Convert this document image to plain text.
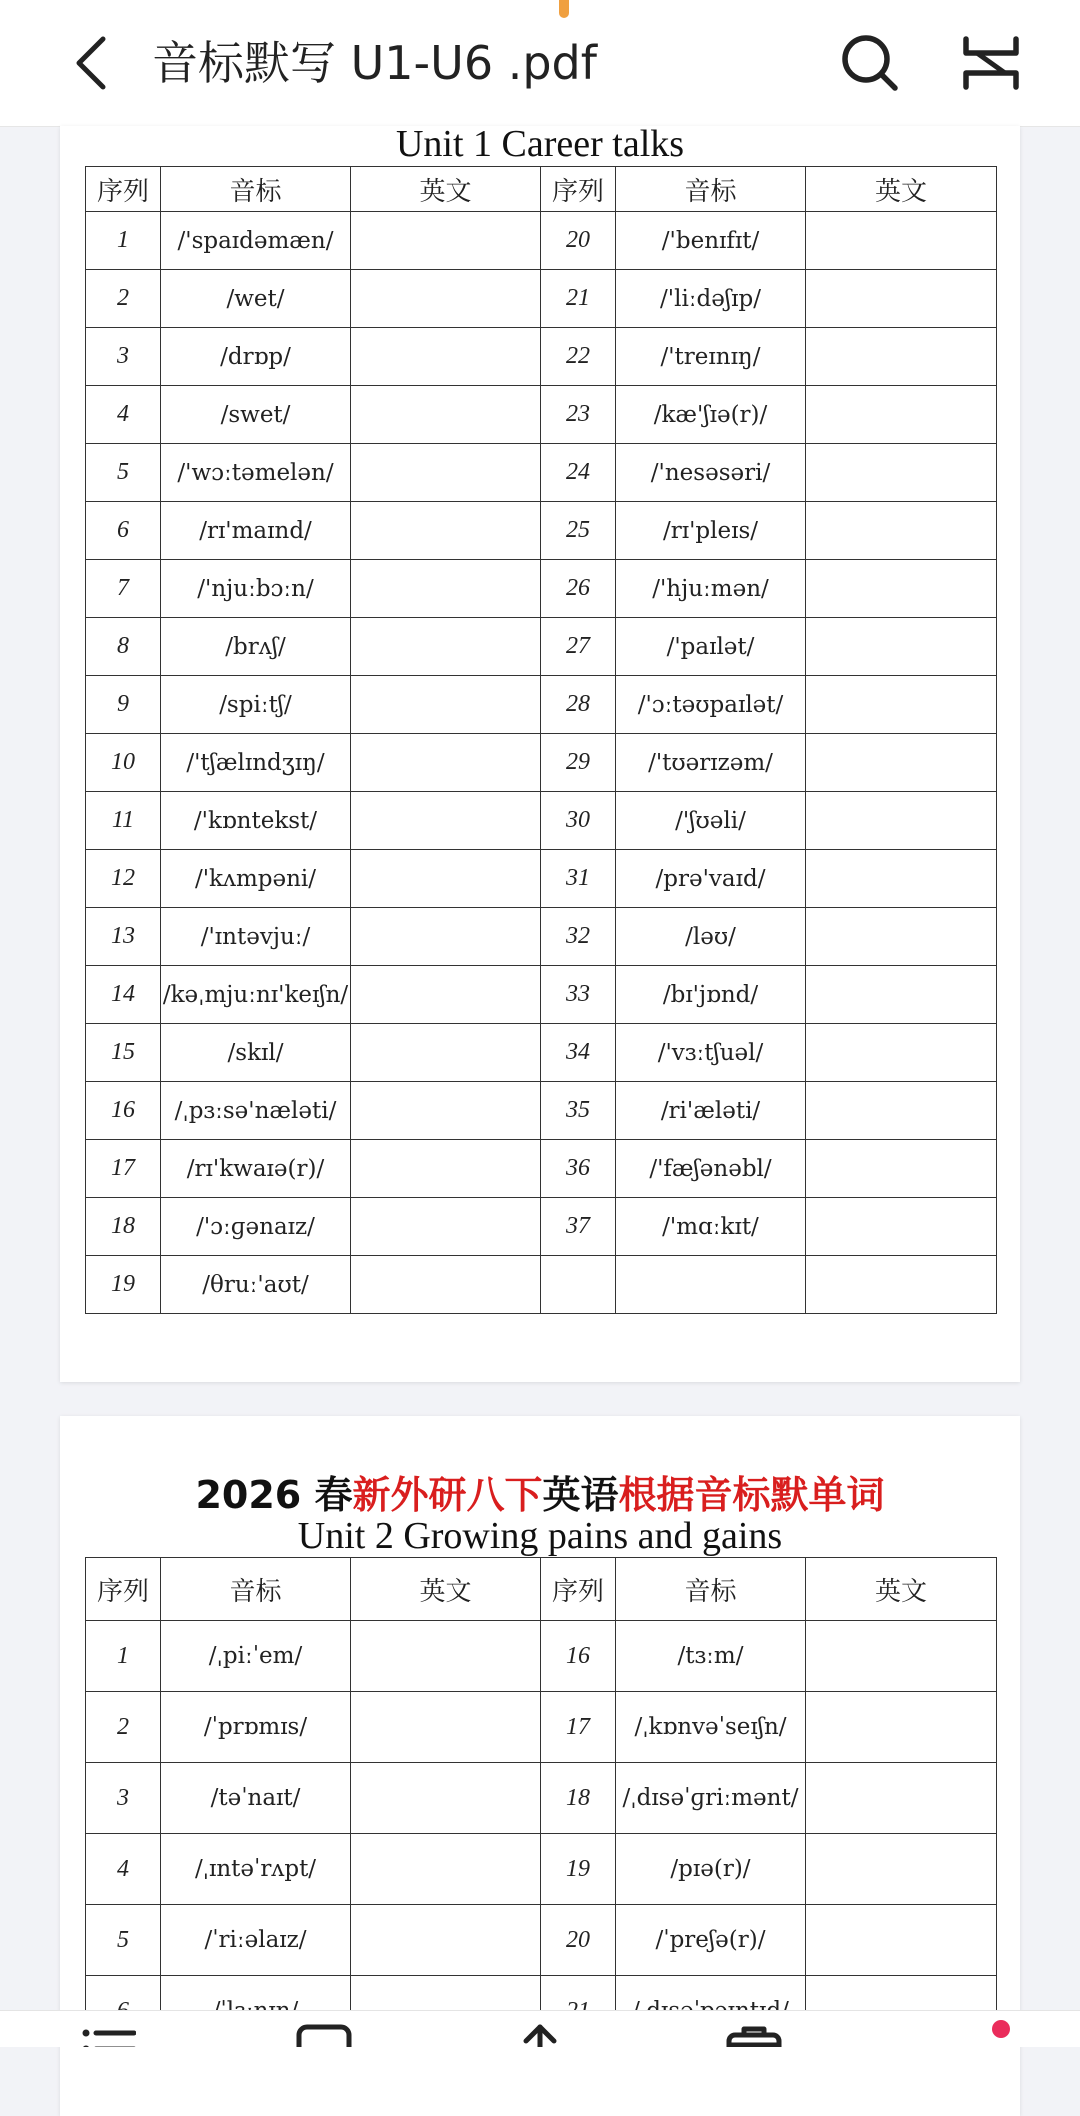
音标默写 U1-U6 .pdf
Unit 1 Career talks
序列	音标	英文	序列	音标	英文
1	/'spaɪdəmæn/		20	/'benɪfɪt/	
2	/wet/		21	/'liːdəʃɪp/	
3	/drɒp/		22	/'treɪnɪŋ/	
4	/swet/		23	/kæ'ʃɪə(r)/	
5	/'wɔːtəmelən/		24	/'nesəsəri/	
6	/rɪ'maɪnd/		25	/rɪ'pleɪs/	
7	/'njuːbɔːn/		26	/'hjuːmən/	
8	/brʌʃ/		27	/'paɪlət/	
9	/spiːtʃ/		28	/'ɔːtəʊpaɪlət/	
10	/'tʃælɪndʒɪŋ/		29	/'tʊərɪzəm/	
11	/'kɒntekst/		30	/'ʃʊəli/	
12	/'kʌmpəni/		31	/prə'vaɪd/	
13	/'ɪntəvjuː/		32	/ləʊ/	
14	/kəˌmjuːnɪ'keɪʃn/		33	/bɪ'jɒnd/	
15	/skɪl/		34	/'vɜːtʃuəl/	
16	/ˌpɜːsə'næləti/		35	/ri'æləti/	
17	/rɪ'kwaɪə(r)/		36	/'fæʃənəbl/	
18	/'ɔːɡənaɪz/		37	/'mɑːkɪt/	
19	/θruː'aʊt/				
2026 春新外研八下英语根据音标默单词
Unit 2 Growing pains and gains
序列	音标	英文	序列	音标	英文
1	/ˌpiːˈem/		16	/tɜːm/	
2	/ˈprɒmɪs/		17	/ˌkɒnvəˈseɪʃn/	
3	/təˈnaɪt/		18	/ˌdɪsəˈɡriːmənt/	
4	/ˌɪntəˈrʌpt/		19	/pɪə(r)/	
5	/ˈriːəlaɪz/		20	/ˈpreʃə(r)/	
